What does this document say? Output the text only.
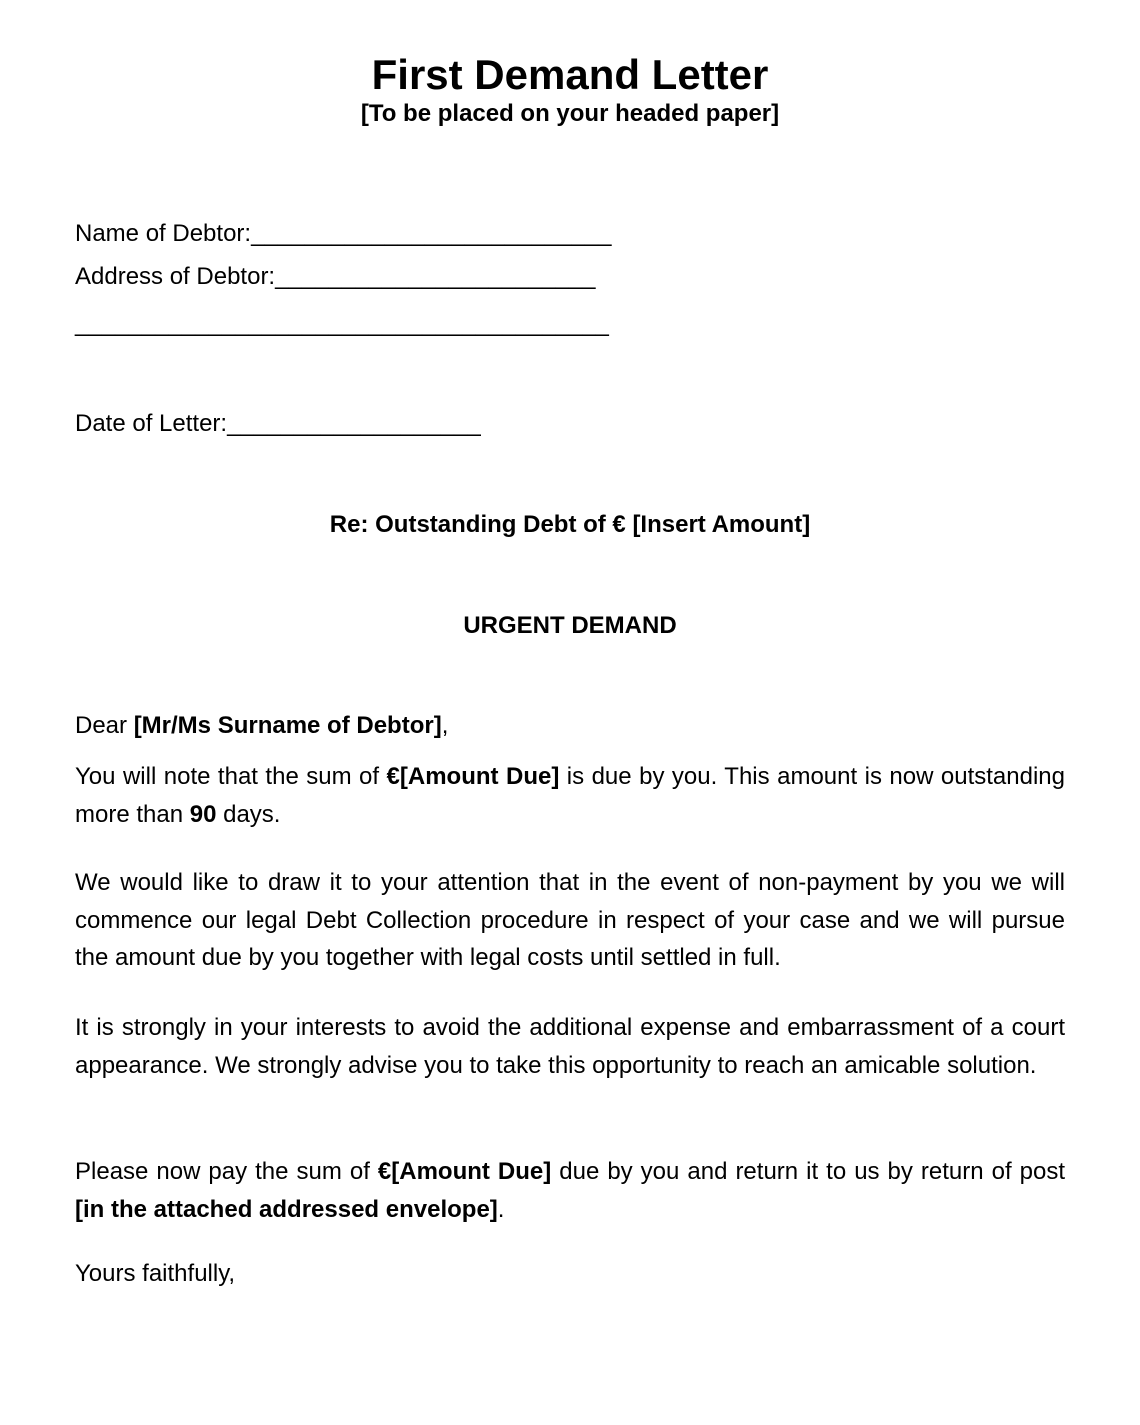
First Demand Letter
[To be placed on your headed paper]
Name of Debtor:___________________________
Address of Debtor:________________________
________________________________________
Date of Letter:___________________
Re: Outstanding Debt of € [Insert Amount]
URGENT DEMAND
Dear [Mr/Ms Surname of Debtor],
You will note that the sum of €[Amount Due] is due by you. This amount is now outstanding more than 90 days.
We would like to draw it to your attention that in the event of non-payment by you we will commence our legal Debt Collection procedure in respect of your case and we will pursue the amount due by you together with legal costs until settled in full.
It is strongly in your interests to avoid the additional expense and embarrassment of a court appearance. We strongly advise you to take this opportunity to reach an amicable solution.
Please now pay the sum of €[Amount Due] due by you and return it to us by return of post [in the attached addressed envelope].
Yours faithfully,
